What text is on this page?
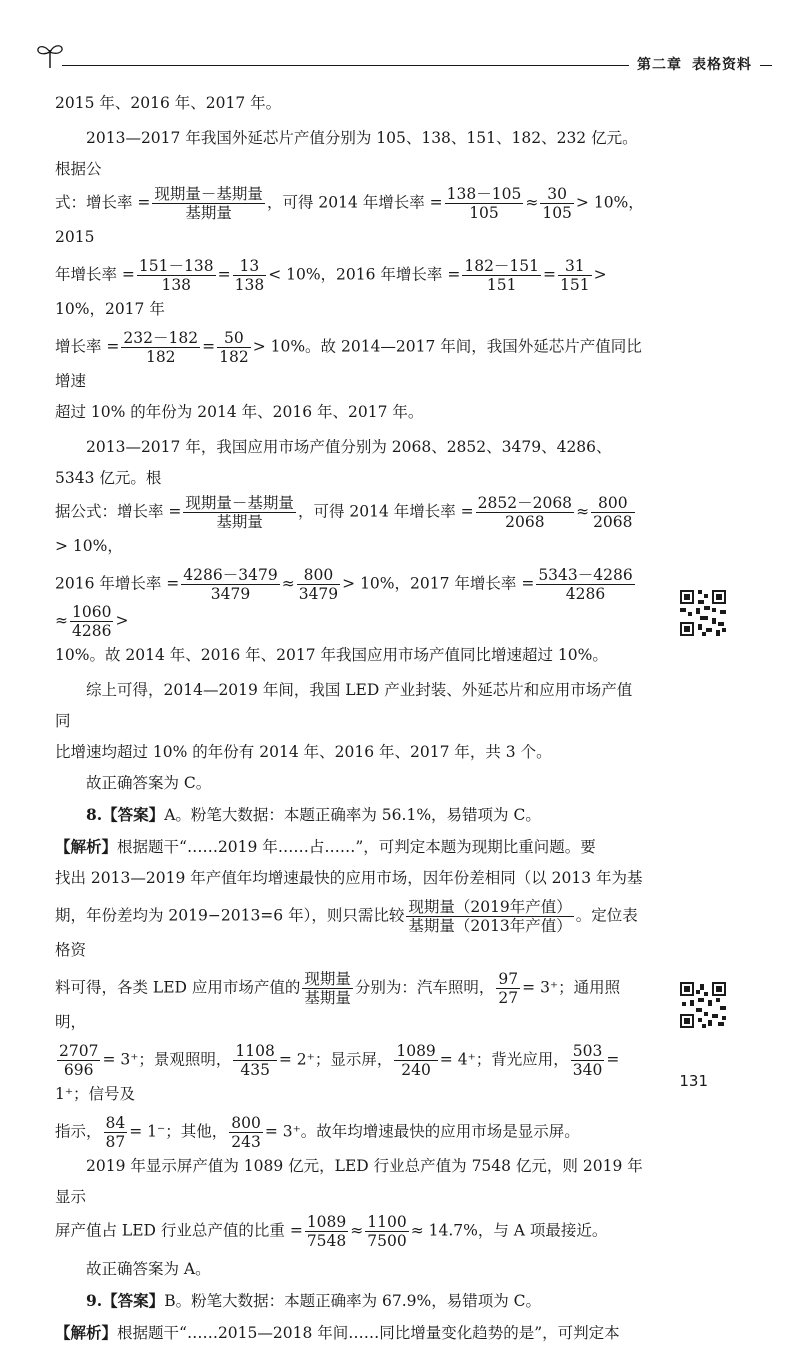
第二章 表格资料

2015 年、2016 年、2017 年。

2013—2017 年我国外延芯片产值分别为 105、138、151、182、232 亿元。根据公

式：增长率 = $\frac{\text{现期量－基期量}}{\text{基期量}}$ ，可得 2014 年增长率 = $\frac{138-105}{105} \approx \frac{30}{105} > 10\%$，2015

年增长率 = $\frac{151-138}{138} = \frac{13}{138} < 10\%$，2016 年增长率 = $\frac{182-151}{151} = \frac{31}{151} > 10\%$，2017 年

增长率 = $\frac{232-182}{182} = \frac{50}{182} > 10\%$。故 2014—2017 年间，我国外延芯片产值同比增速

超过 10% 的年份为 2014 年、2016 年、2017 年。

2013—2017 年，我国应用市场产值分别为 2068、2852、3479、4286、5343 亿元。根

据公式：增长率 = $\frac{\text{现期量－基期量}}{\text{基期量}}$ ，可得 2014 年增长率 = $\frac{2852-2068}{2068} \approx \frac{800}{2068}$
> 10%，

2016 年增长率 = $\frac{4286-3479}{3479} \approx \frac{800}{3479} > 10\%$，2017 年增长率 = $\frac{5343-4286}{4286}$
≈ $\frac{1060}{4286}$ >

10%。故 2014 年、2016 年、2017 年我国应用市场产值同比增速超过 10%。

综上可得，2014—2019 年间，我国 LED 产业封装、外延芯片和应用市场产值同

比增速均超过 10% 的年份有 2014 年、2016 年、2017 年，共 3 个。

故正确答案为 C。

8.【答案】A。粉笔大数据：本题正确率为 56.1%，易错项为 C。

【解析】根据题干“……2019 年……占……”，可判定本题为现期比重问题。要

找出 2013—2019 年产值年均增速最快的应用市场，因年份差相同（以 2013 年为基

期，年份差均为 2019−2013=6 年），则只需比较 $\frac{\text{现期量（2019年产值）}}{\text{基期量（2013年产值）}}$ 。定位表格资

料可得，各类 LED 应用市场产值的 $\frac{\text{现期量}}{\text{基期量}}$ 分别为：汽车照明， $\frac{97}{27} = 3^+$；通用照明，

$\frac{2707}{696} = 3^+$；景观照明， $\frac{1108}{435} = 2^+$；显示屏， $\frac{1089}{240} = 4^+$；背光应用， $\frac{503}{340} = 1^+$；信号及

指示， $\frac{84}{87} = 1^-$；其他， $\frac{800}{243} = 3^+$。故年均增速最快的应用市场是显示屏。

2019 年显示屏产值为 1089 亿元，LED 行业总产值为 7548 亿元，则 2019 年显示

屏产值占 LED 行业总产值的比重 = $\frac{1089}{7548} \approx \frac{1100}{7500} \approx 14.7\%$，与 A 项最接近。

故正确答案为 A。

9.【答案】B。粉笔大数据：本题正确率为 67.9%，易错项为 C。

【解析】根据题干“……2015—2018 年间……同比增量变化趋势的是”，可判定本

131
